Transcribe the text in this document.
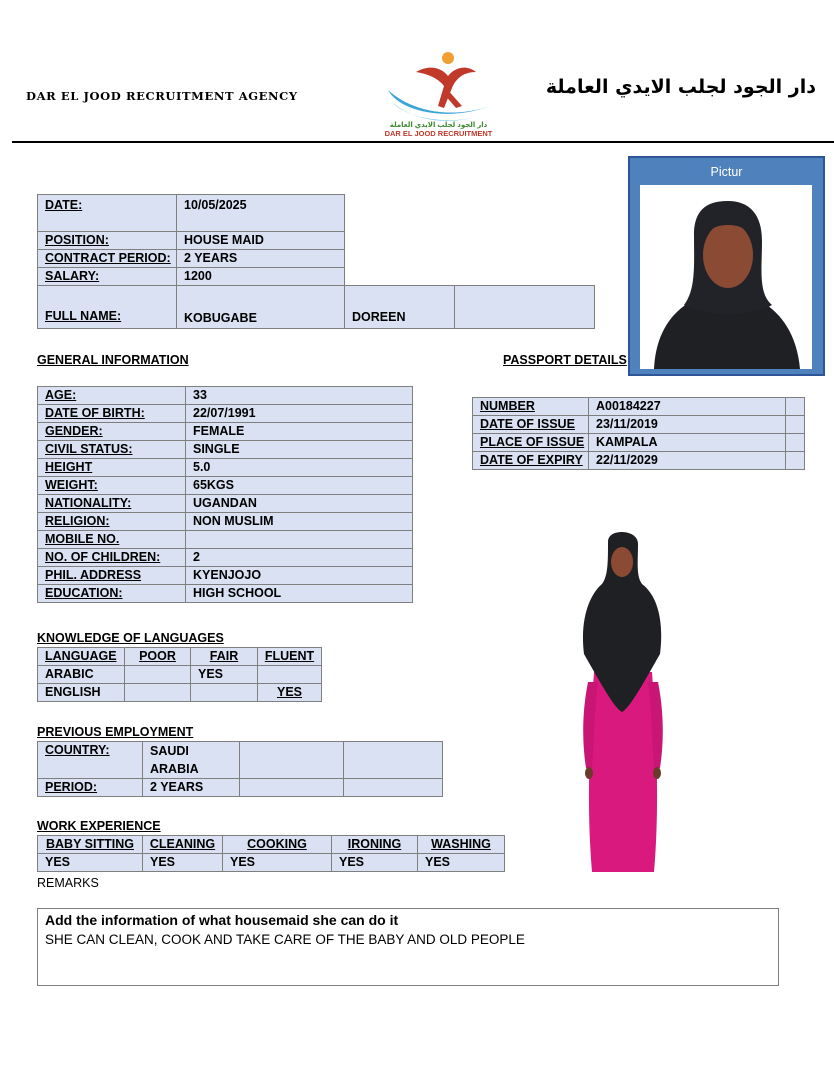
DAR EL JOOD RECRUITMENT AGENCY
دار الجود لجلب الايدي العاملة
DAR EL JOOD RECRUITMENT
دار الجود لجلب الايدي العاملة
DATE:	10/05/2025		
POSITION:	HOUSE MAID		
CONTRACT PERIOD:	2 YEARS		
SALARY:	1200		
FULL NAME:	KOBUGABE	DOREEN	
Pictur
GENERAL INFORMATION	PASSPORT DETAILS
AGE:	33
DATE OF BIRTH:	22/07/1991
GENDER:	FEMALE
CIVIL STATUS:	SINGLE
HEIGHT	5.0
WEIGHT:	65KGS
NATIONALITY:	UGANDAN
RELIGION:	NON MUSLIM
MOBILE NO.	
NO. OF CHILDREN:	2
PHIL. ADDRESS	KYENJOJO
EDUCATION:	HIGH SCHOOL
NUMBER	A00184227	
DATE OF ISSUE	23/11/2019	
PLACE OF ISSUE	KAMPALA	
DATE OF EXPIRY	22/11/2029	
KNOWLEDGE OF LANGUAGES
LANGUAGE	POOR	FAIR	FLUENT
ARABIC		YES	
ENGLISH			YES
PREVIOUS EMPLOYMENT
COUNTRY:	SAUDI
ARABIA		

PERIOD:	2 YEARS		
WORK EXPERIENCE
BABY SITTING	CLEANING	COOKING	IRONING	WASHING
YES	YES	YES	YES	YES
REMARKS
Add the information of what housemaid she can do it
SHE CAN CLEAN, COOK AND TAKE CARE OF THE BABY AND OLD PEOPLE
